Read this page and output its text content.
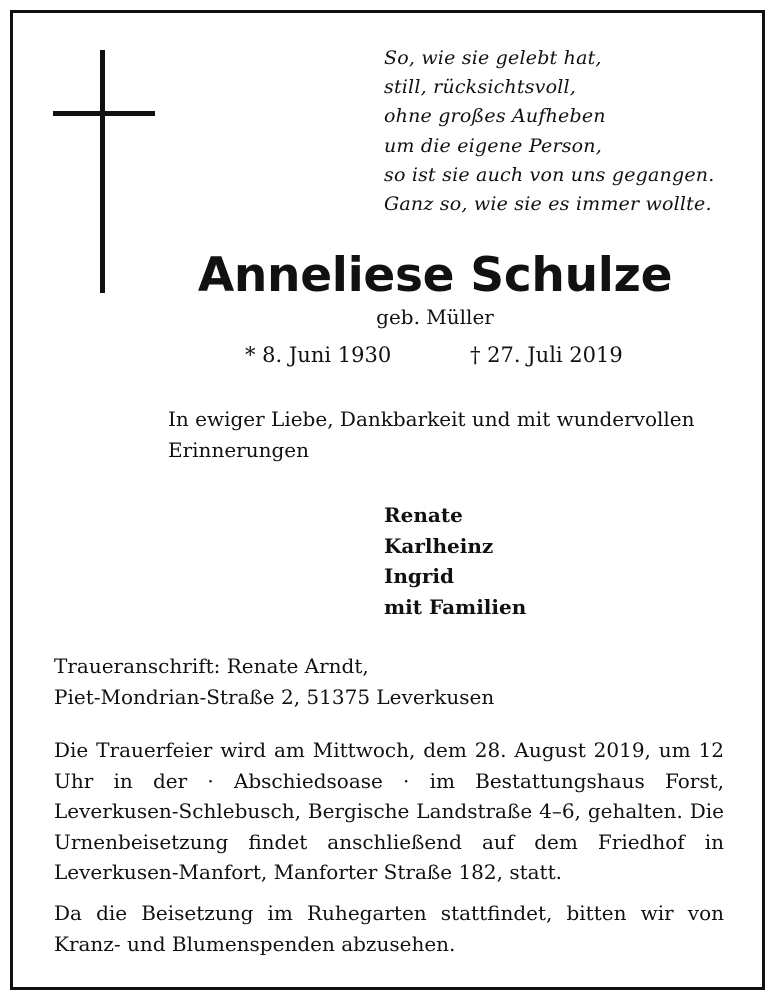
So, wie sie gelebt hat,
still, rücksichtsvoll,
ohne großes Aufheben
um die eigene Person,
so ist sie auch von uns gegangen.
Ganz so, wie sie es immer wollte.
Anneliese Schulze
geb. Müller
* 8. Juni 1930	† 27. Juli 2019
In ewiger Liebe, Dankbarkeit und mit wundervollen Erinnerungen
Renate
Karlheinz
Ingrid
mit Familien
Traueranschrift: Renate Arndt,
Piet-Mondrian-Straße 2, 51375 Leverkusen
Die Trauerfeier wird am Mittwoch, dem 28. August 2019, um 12 Uhr in der · Abschiedsoase · im Bestattungshaus Forst, Leverkusen-Schlebusch, Bergische Landstraße 4–6, gehalten. Die Urnenbeisetzung findet anschließend auf dem Friedhof in Leverkusen-Manfort, Manforter Straße 182, statt.
Da die Beisetzung im Ruhegarten stattfindet, bitten wir von Kranz- und Blumenspenden abzusehen.
